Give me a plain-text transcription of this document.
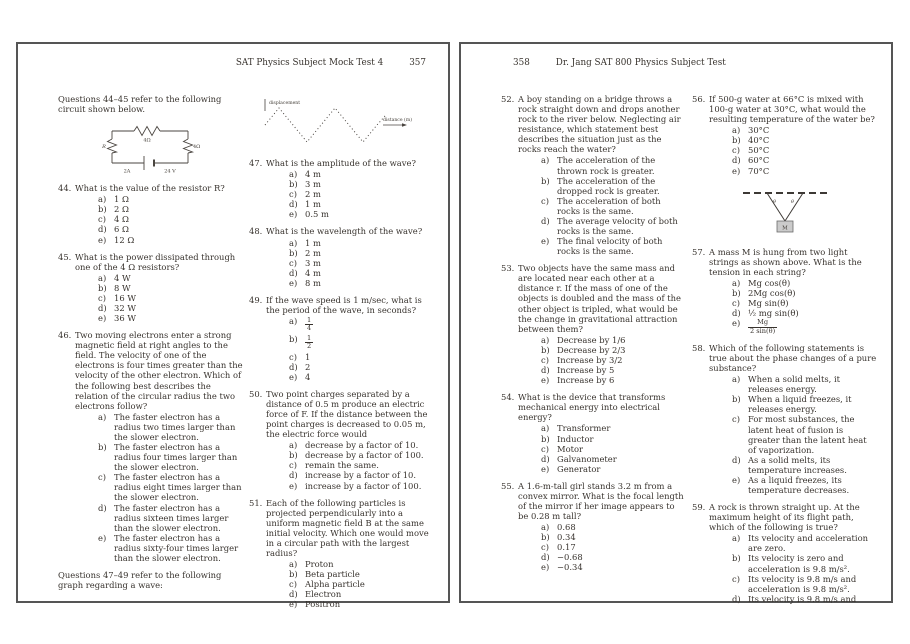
SAT Physics Subject Mock Test 4	357
Questions 44–45 refer to the following circuit shown below.
4Ω
R	4Ω
2A	24 V
44. What is the value of the resistor R?
a) 1 Ω
b) 2 Ω
c) 4 Ω
d) 6 Ω
e) 12 Ω
45. What is the power dissipated through one of the 4 Ω resistors?
a) 4 W
b) 8 W
c) 16 W
d) 32 W
e) 36 W
46. Two moving electrons enter a strong magnetic field at right angles to the field. The velocity of one of the electrons is four times greater than the velocity of the other electron. Which of the following best describes the relation of the circular radius the two electrons follow?
a) The faster electron has a radius two times larger than the slower electron.
b) The faster electron has a radius four times larger than the slower electron.
c) The faster electron has a radius eight times larger than the slower electron.
d) The faster electron has a radius sixteen times larger than the slower electron.
e) The faster electron has a radius sixty-four times larger than the slower electron.
Questions 47–49 refer to the following graph regarding a wave:
displacement
distance (m)
47. What is the amplitude of the wave?
a) 4 m
b) 3 m
c) 2 m
d) 1 m
e) 0.5 m
48. What is the wavelength of the wave?
a) 1 m
b) 2 m
c) 3 m
d) 4 m
e) 8 m
49. If the wave speed is 1 m/sec, what is the period of the wave, in seconds?
a)	$\frac{1}{4}$
b)	$\frac{1}{2}$
c) 1
d) 2
e) 4
50. Two point charges separated by a distance of 0.5 m produce an electric force of F. If the distance between the point charges is decreased to 0.05 m, the electric force would
a) decrease by a factor of 10.
b) decrease by a factor of 100.
c) remain the same.
d) increase by a factor of 10.
e) increase by a factor of 100.
51. Each of the following particles is projected perpendicularly into a uniform magnetic field B at the same initial velocity. Which one would move in a circular path with the largest radius?
a) Proton
b) Beta particle
c) Alpha particle
d) Electron
e) Positron
358	Dr. Jang SAT 800 Physics Subject Test
52. A boy standing on a bridge throws a rock straight down and drops another rock to the river below. Neglecting air resistance, which statement best describes the situation just as the rocks reach the water?
a) The acceleration of the thrown rock is greater.
b) The acceleration of the dropped rock is greater.
c) The acceleration of both rocks is the same.
d) The average velocity of both rocks is the same.
e) The final velocity of both rocks is the same.
53. Two objects have the same mass and are located near each other at a distance r. If the mass of one of the objects is doubled and the mass of the other object is tripled, what would be the change in gravitational attraction between them?
a) Decrease by 1/6
b) Decrease by 2/3
c) Increase by 3/2
d) Increase by 5
e) Increase by 6
54. What is the device that transforms mechanical energy into electrical energy?
a) Transformer
b) Inductor
c) Motor
d) Galvanometer
e) Generator
55. A 1.6-m-tall girl stands 3.2 m from a convex mirror. What is the focal length of the mirror if her image appears to be 0.28 m tall?
a) 0.68
b) 0.34
c) 0.17
d) −0.68
e) −0.34
56. If 500-g water at 66°C is mixed with 100-g water at 30°C, what would the resulting temperature of the water be?
a) 30°C
b) 40°C
c) 50°C
d) 60°C
e) 70°C
θ	θ
M
57. A mass M is hung from two light strings as shown above. What is the tension in each string?
a) Mg cos(θ)
b) 2Mg cos(θ)
c) Mg sin(θ)
d) ½ mg sin(θ)
e)	$\frac{Mg}{2 \sin(\theta)}$
58. Which of the following statements is true about the phase changes of a pure substance?
a) When a solid melts, it releases energy.
b) When a liquid freezes, it releases energy.
c) For most substances, the latent heat of fusion is greater than the latent heat of vaporization.
d) As a solid melts, its temperature increases.
e) As a liquid freezes, its temperature decreases.
59. A rock is thrown straight up. At the maximum height of its flight path, which of the following is true?
a) Its velocity and acceleration are zero.
b) Its velocity is zero and acceleration is 9.8 m/s².
c) Its velocity is 9.8 m/s and acceleration is 9.8 m/s².
d) Its velocity is 9.8 m/s and
